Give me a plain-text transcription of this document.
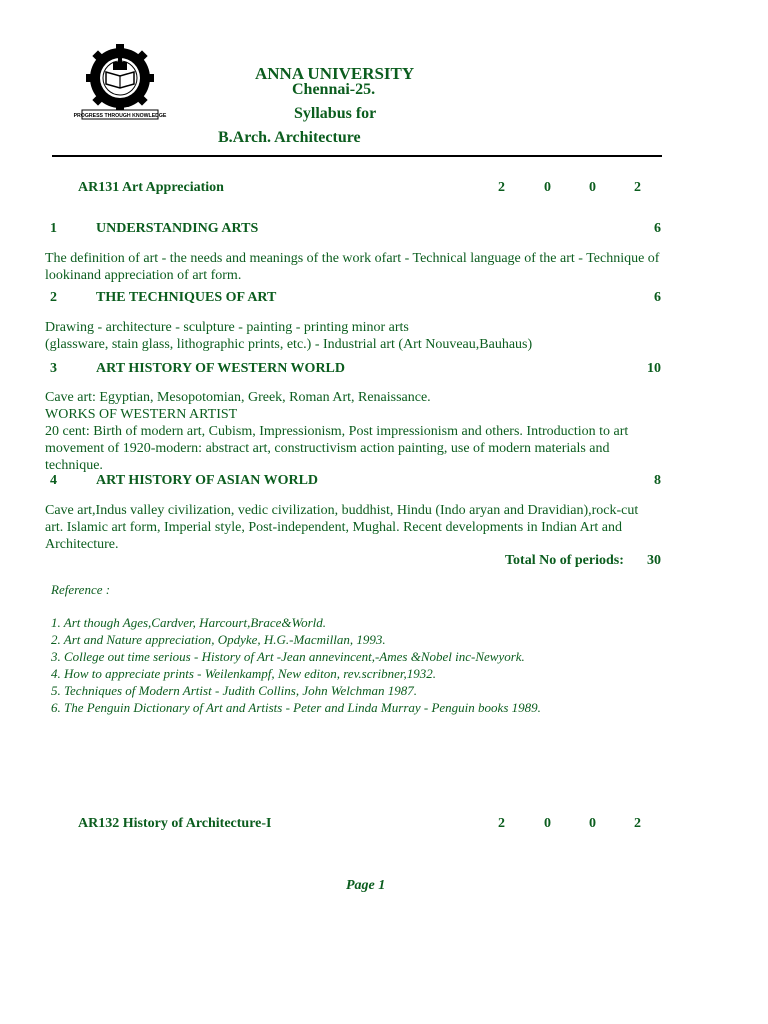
PROGRESS THROUGH KNOWLEDGE
ANNA UNIVERSITY
Chennai-25.
Syllabus for
B.Arch. Architecture
AR131 Art Appreciation	2	0	0	2
1	UNDERSTANDING ARTS	6
The definition of art - the needs and meanings of the work ofart - Technical language of the art - Technique of lookinand appreciation of art form.
2	THE TECHNIQUES OF ART	6
Drawing - architecture - sculpture - painting - printing minor arts
(glassware, stain glass, lithographic prints, etc.) - Industrial art (Art Nouveau,Bauhaus)
3	ART HISTORY OF WESTERN WORLD	10
Cave art: Egyptian, Mesopotomian, Greek, Roman Art, Renaissance.
WORKS OF WESTERN ARTIST
20 cent: Birth of modern art, Cubism, Impressionism, Post impressionism and others. Introduction to art movement of 1920-modern: abstract art, constructivism action painting, use of modern materials and technique.
4	ART HISTORY OF ASIAN WORLD	8
Cave art,Indus valley civilization, vedic civilization, buddhist, Hindu (Indo aryan and Dravidian),rock-cut art. Islamic art form, Imperial style, Post-independent, Mughal. Recent developments in Indian Art and Architecture.
Total No of periods:	30
Reference :
1. Art though Ages,Cardver, Harcourt,Brace&World.
2. Art and Nature appreciation, Opdyke, H.G.-Macmillan, 1993.
3. College out time serious - History of Art -Jean annevincent,-Ames &Nobel inc-Newyork.
4. How to appreciate prints - Weilenkampf, New editon, rev.scribner,1932.
5. Techniques of Modern Artist - Judith Collins, John Welchman 1987.
6. The Penguin Dictionary of Art and Artists - Peter and Linda Murray - Penguin books 1989.
AR132 History of Architecture-I	2	0	0	2
Page 1
